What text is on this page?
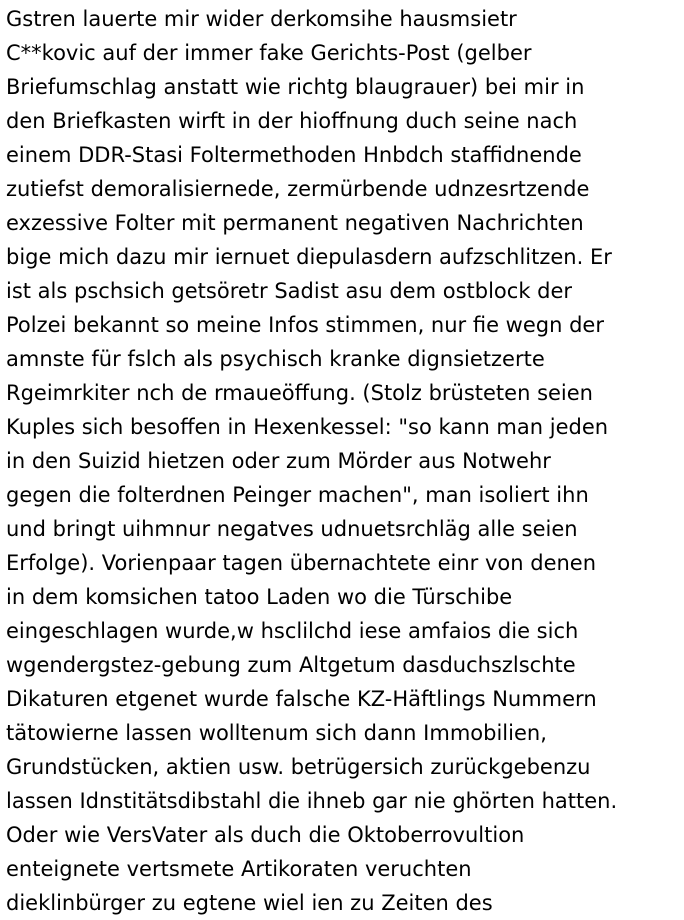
Gstren lauerte mir wider derkomsihe hausmsietr
C**kovic auf der immer fake Gerichts-Post (gelber
Briefumschlag anstatt wie richtg blaugrauer) bei mir in
den Briefkasten wirft in der hioffnung duch seine nach
einem DDR-Stasi Foltermethoden Hnbdch staffidnende
zutiefst demoralisiernede, zermürbende udnzesrtzende
exzessive Folter mit permanent negativen Nachrichten
bige mich dazu mir iernuet diepulasdern aufzschlitzen. Er
ist als pschsich getsöretr Sadist asu dem ostblock der
Polzei bekannt so meine Infos stimmen, nur fie wegn der
amnste für fslch als psychisch kranke dignsietzerte
Rgeimrkiter nch de rmaueöffung. (Stolz brüsteten seien
Kuples sich besoffen in Hexenkessel: "so kann man jeden
in den Suizid hietzen oder zum Mörder aus Notwehr
gegen die folterdnen Peinger machen", man isoliert ihn
und bringt uihmnur negatves udnuetsrchläg alle seien
Erfolge). Vorienpaar tagen übernachtete einr von denen
in dem komsichen tatoo Laden wo die Türschibe
eingeschlagen wurde,w hsclilchd iese amfaios die sich
wgendergstez-gebung zum Altgetum dasduchszlschte
Dikaturen etgenet wurde falsche KZ-Häftlings Nummern
tätowierne lassen wolltenum sich dann Immobilien,
Grundstücken, aktien usw. betrügersich zurückgebenzu
lassen Idnstitätsdibstahl die ihneb gar nie ghörten hatten.
Oder wie VersVater als duch die Oktoberrovultion
enteignete vertsmete Artikoraten veruchten
dieklinbürger zu egtene wiel ien zu Zeiten des
